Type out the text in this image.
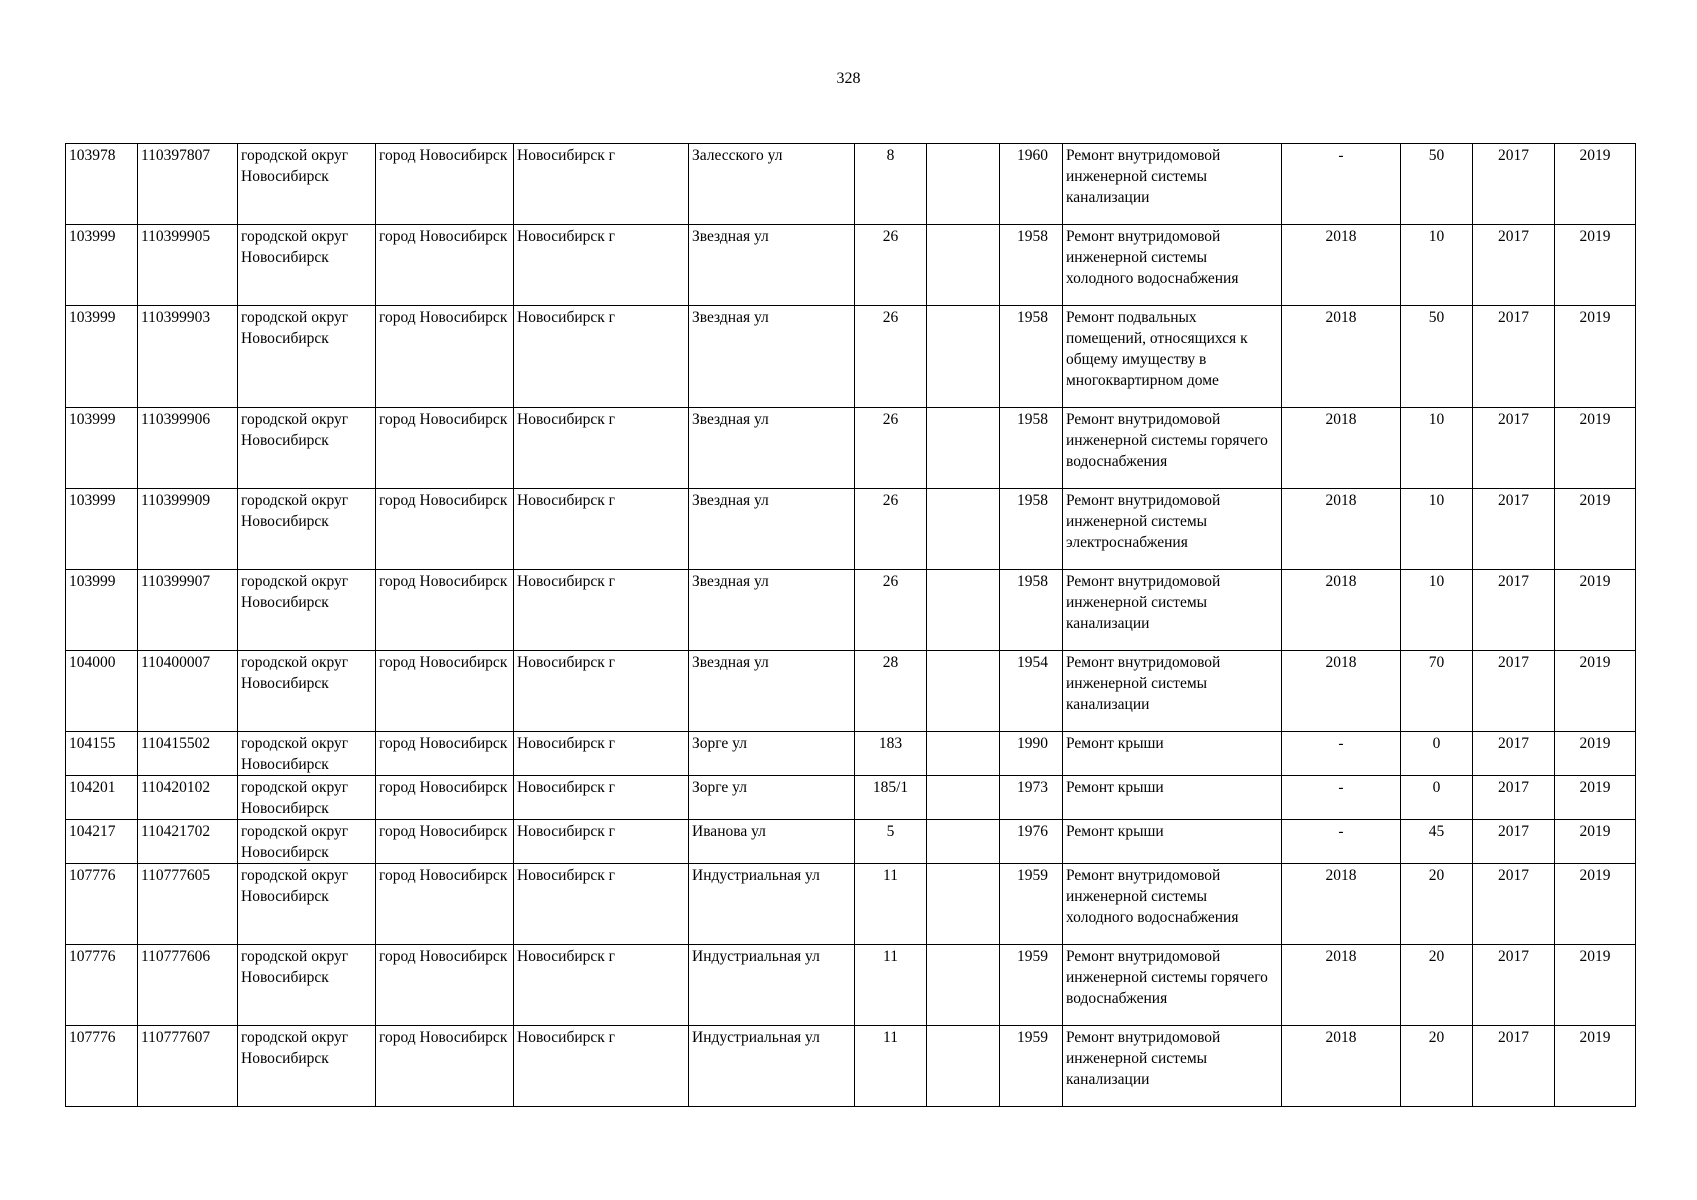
328
103978	110397807	городской округ Новосибирск	город Новосибирск	Новосибирск г	Залесского ул	8		1960	Ремонт внутридомовой инженерной системы канализации	-	50	2017	2019
103999	110399905	городской округ Новосибирск	город Новосибирск	Новосибирск г	Звездная ул	26		1958	Ремонт внутридомовой инженерной системы холодного водоснабжения	2018	10	2017	2019
103999	110399903	городской округ Новосибирск	город Новосибирск	Новосибирск г	Звездная ул	26		1958	Ремонт подвальных помещений, относящихся к общему имуществу в многоквартирном доме	2018	50	2017	2019
103999	110399906	городской округ Новосибирск	город Новосибирск	Новосибирск г	Звездная ул	26		1958	Ремонт внутридомовой инженерной системы горячего водоснабжения	2018	10	2017	2019
103999	110399909	городской округ Новосибирск	город Новосибирск	Новосибирск г	Звездная ул	26		1958	Ремонт внутридомовой инженерной системы электроснабжения	2018	10	2017	2019
103999	110399907	городской округ Новосибирск	город Новосибирск	Новосибирск г	Звездная ул	26		1958	Ремонт внутридомовой инженерной системы канализации	2018	10	2017	2019
104000	110400007	городской округ Новосибирск	город Новосибирск	Новосибирск г	Звездная ул	28		1954	Ремонт внутридомовой инженерной системы канализации	2018	70	2017	2019
104155	110415502	городской округ Новосибирск	город Новосибирск	Новосибирск г	Зорге ул	183		1990	Ремонт крыши	-	0	2017	2019
104201	110420102	городской округ Новосибирск	город Новосибирск	Новосибирск г	Зорге ул	185/1		1973	Ремонт крыши	-	0	2017	2019
104217	110421702	городской округ Новосибирск	город Новосибирск	Новосибирск г	Иванова ул	5		1976	Ремонт крыши	-	45	2017	2019
107776	110777605	городской округ Новосибирск	город Новосибирск	Новосибирск г	Индустриальная ул	11		1959	Ремонт внутридомовой инженерной системы холодного водоснабжения	2018	20	2017	2019
107776	110777606	городской округ Новосибирск	город Новосибирск	Новосибирск г	Индустриальная ул	11		1959	Ремонт внутридомовой инженерной системы горячего водоснабжения	2018	20	2017	2019
107776	110777607	городской округ Новосибирск	город Новосибирск	Новосибирск г	Индустриальная ул	11		1959	Ремонт внутридомовой инженерной системы канализации	2018	20	2017	2019
